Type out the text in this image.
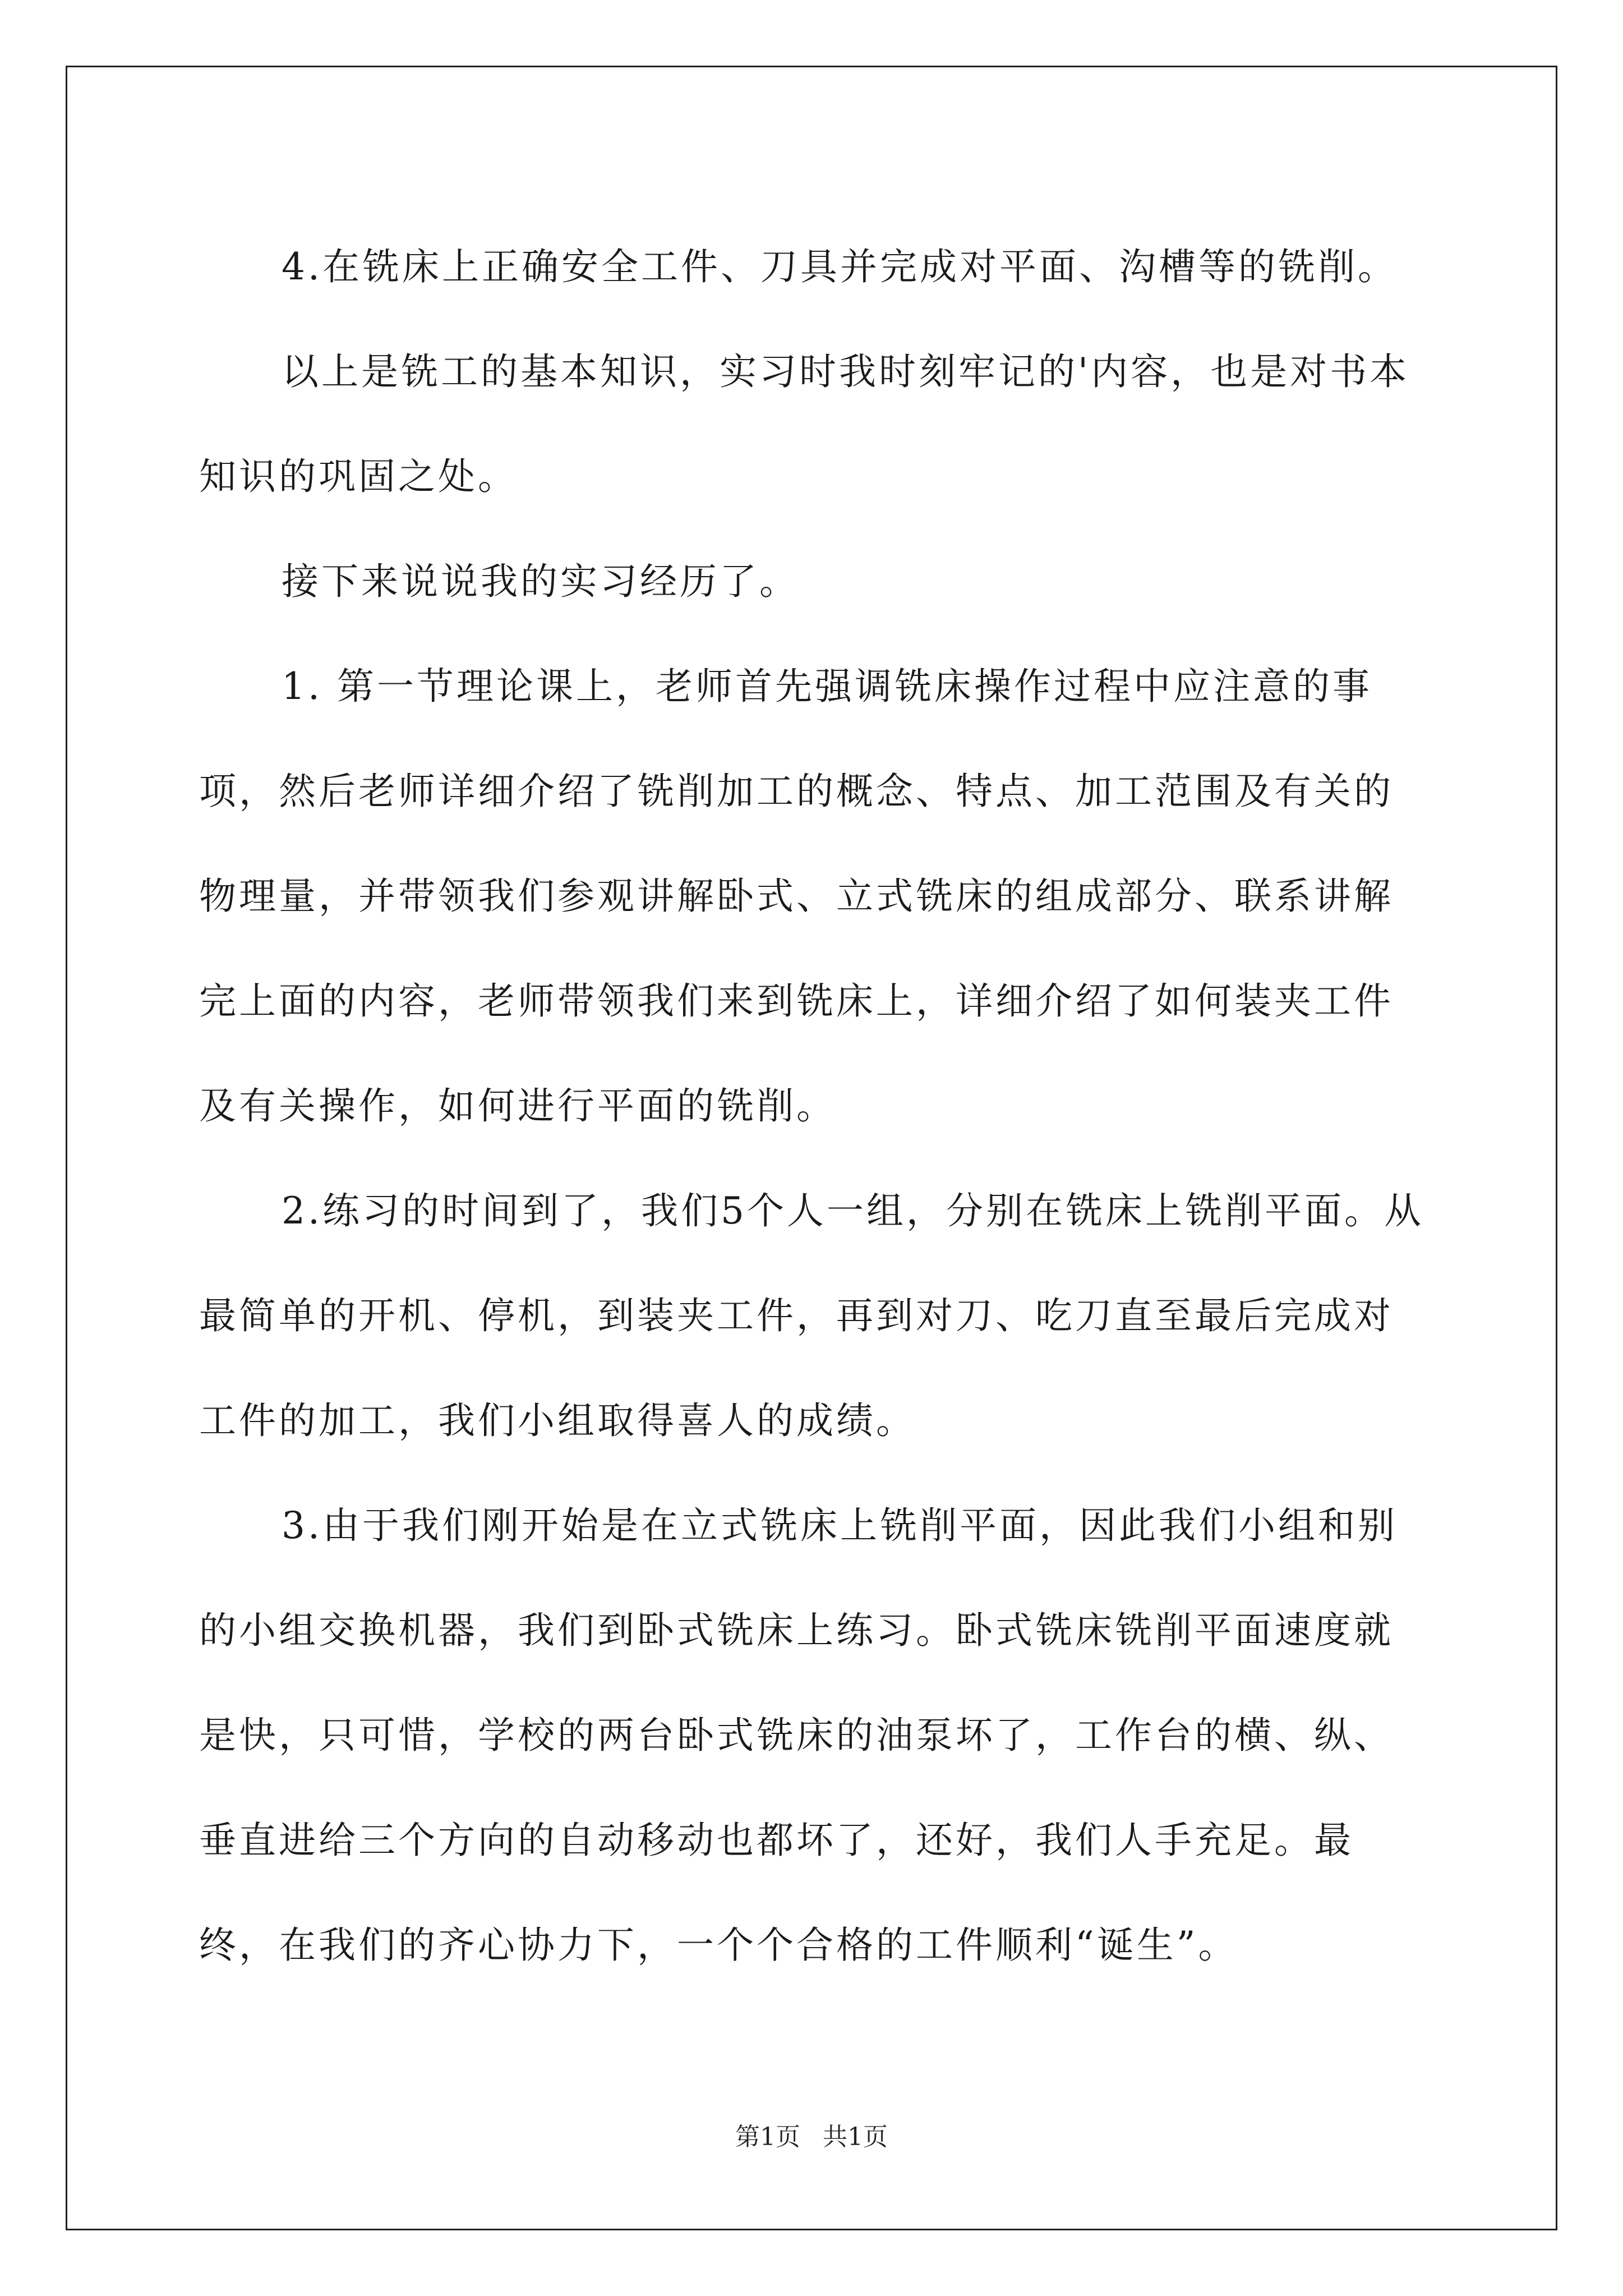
4.在铣床上正确安全工件、刀具并完成对平面、沟槽等的铣削。

以上是铣工的基本知识，实习时我时刻牢记的'内容，也是对书本知识的巩固之处。

接下来说说我的实习经历了。

1. 第一节理论课上，老师首先强调铣床操作过程中应注意的事项，然后老师详细介绍了铣削加工的概念、特点、加工范围及有关的物理量，并带领我们参观讲解卧式、立式铣床的组成部分、联系讲解完上面的内容，老师带领我们来到铣床上，详细介绍了如何装夹工件及有关操作，如何进行平面的铣削。

2.练习的时间到了，我们5个人一组，分别在铣床上铣削平面。从最简单的开机、停机，到装夹工件，再到对刀、吃刀直至最后完成对工件的加工，我们小组取得喜人的成绩。

3.由于我们刚开始是在立式铣床上铣削平面，因此我们小组和别的小组交换机器，我们到卧式铣床上练习。卧式铣床铣削平面速度就是快，只可惜，学校的两台卧式铣床的油泵坏了，工作台的横、纵、垂直进给三个方向的自动移动也都坏了，还好，我们人手充足。最终，在我们的齐心协力下，一个个合格的工件顺利“诞生”。

第1页 共1页
